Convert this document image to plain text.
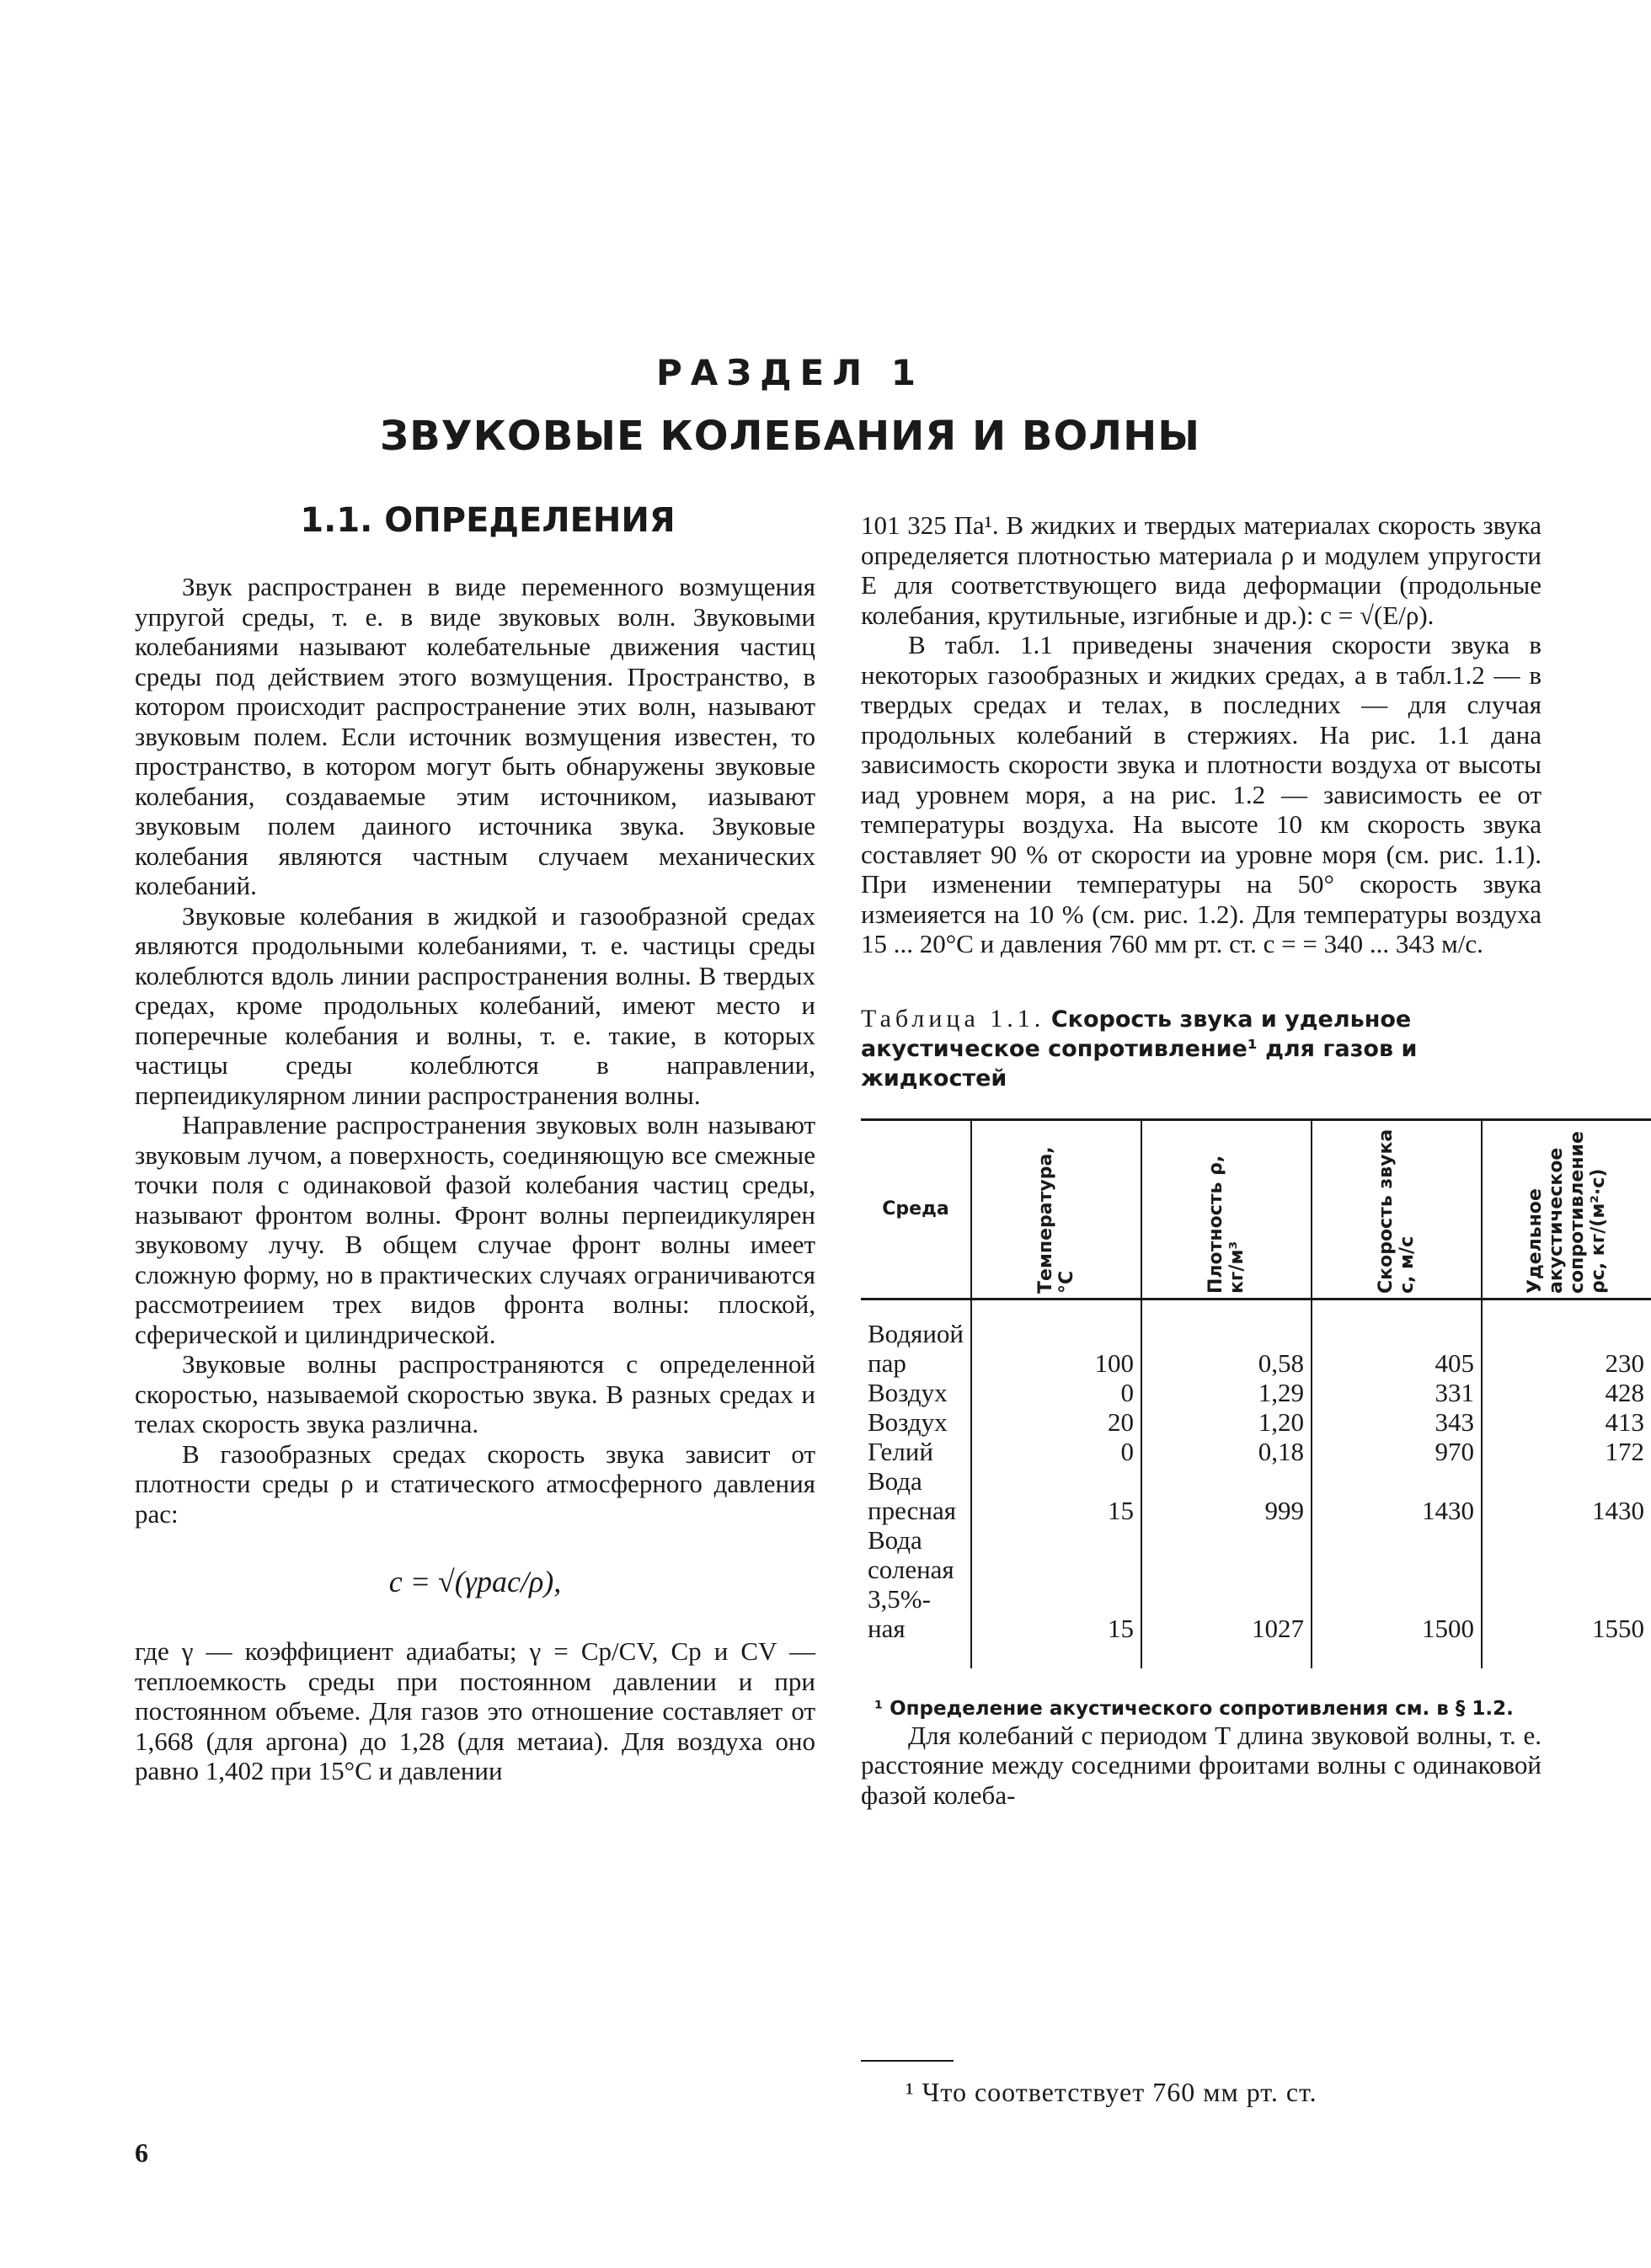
РАЗДЕЛ 1
ЗВУКОВЫЕ КОЛЕБАНИЯ И ВОЛНЫ
1.1. ОПРЕДЕЛЕНИЯ

Звук распространен в виде переменного возмущения упругой среды, т. е. в виде звуковых волн. Звуковыми колебаниями называют колебательные движения частиц среды под действием этого возмущения. Пространство, в котором происходит распространение этих волн, называют звуковым полем. Если источник возмущения известен, то пространство, в котором могут быть обнаружены звуковые колебания, создаваемые этим источником, иазывают звуковым полем даиного источника звука. Звуковые колебания являются частным случаем механических колебаний.

Звуковые колебания в жидкой и газообразной средах являются продольными колебаниями, т. е. частицы среды колеблются вдоль линии распространения волны. В твердых средах, кроме продольных колебаний, имеют место и поперечные колебания и волны, т. е. такие, в которых частицы среды колеблются в направлении, перпеидикулярном линии распространения волны.

Направление распространения звуковых волн называют звуковым лучом, а поверхность, соединяющую все смежные точки поля с одинаковой фазой колебания частиц среды, называют фронтом волны. Фронт волны перпеидикулярен звуковому лучу. В общем случае фронт волны имеет сложную форму, но в практических случаях ограничиваются рассмотреиием трех видов фронта волны: плоской, сферической и цилиндрической.

Звуковые волны распространяются с определенной скоростью, называемой скоростью звука. В разных средах и телах скорость звука различна.

В газообразных средах скорость звука зависит от плотности среды ρ и статического атмосферного давления pac:

c = √(γpac/ρ),

где γ — коэффициент адиабаты; γ = Cp/CV, Cp и CV — теплоемкость среды при постоянном давлении и при постоянном объеме. Для газов это отношение составляет от 1,668 (для аргона) до 1,28 (для метаиа). Для воздуха оно равно 1,402 при 15°С и давлении

101 325 Па¹. В жидких и твердых материалах скорость звука определяется плотностью материала ρ и модулем упругости E для соответствующего вида деформации (продольные колебания, крутильные, изгибные и др.): c = √(E/ρ).

В табл. 1.1 приведены значения скорости звука в некоторых газообразных и жидких средах, а в табл.1.2 — в твердых средах и телах, в последних — для случая продольных колебаний в стержиях. На рис. 1.1 дана зависимость скорости звука и плотности воздуха от высоты иад уровнем моря, а на рис. 1.2 — зависимость ее от температуры воздуха. На высоте 10 км скорость звука составляет 90 % от скорости иа уровне моря (см. рис. 1.1). При изменении температуры на 50° скорость звука измеияется на 10 % (см. рис. 1.2). Для температуры воздуха 15 ... 20°С и давления 760 мм рт. ст. c = = 340 ... 343 м/с.

Таблица 1.1. Скорость звука и удельное акустическое сопротивление¹ для газов и жидкостей
Среда	Температура, °С	Плотность ρ, кг/м³	Скорость звука c, м/с	Удельное акустическое сопротивление ρc, кг/(м²·с)
Водяиой пар	100	0,58	405	230
Воздух	0	1,29	331	428
Воздух	20	1,20	343	413
Гелий	0	0,18	970	172
Вода пресная	15	999	1430	1430
Вода соленая 3,5%-ная	15	1027	1500	1550
¹ Определение акустического сопротивления см. в § 1.2.

Для колебаний с периодом T длина звуковой волны, т. е. расстояние между соседними фроитами волны с одинаковой фазой колеба-

¹ Что соответствует 760 мм рт. ст.
6
